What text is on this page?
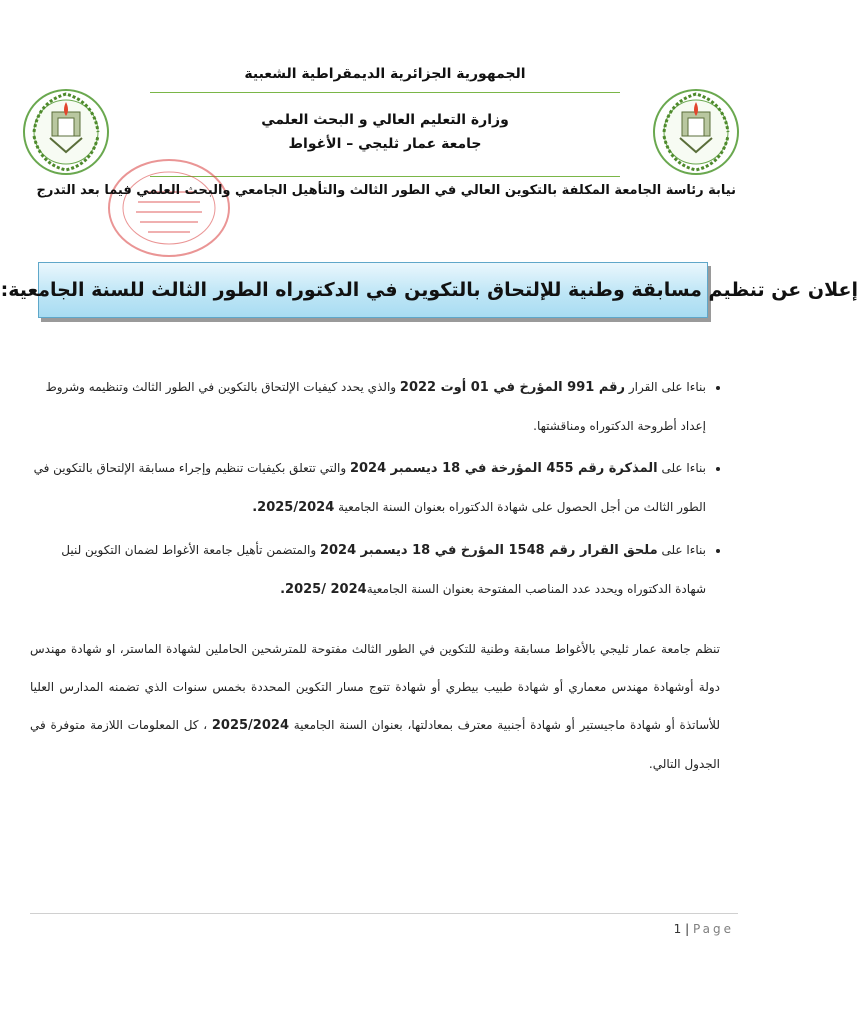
الجمهورية الجزائرية الديمقراطية الشعبية
وزارة التعليم العالي و البحث العلمي
جامعة عمار ثليجي – الأغواط
نيابة رئاسة الجامعة المكلفة بالتكوين العالي في الطور الثالث والتأهيل الجامعي والبحث العلمي فيما بعد التدرج
إعلان عن تنظيم مسابقة وطنية للإلتحاق بالتكوين في الدكتوراه الطور الثالث للسنة الجامعية:
• بناءا على القرار رقم 991 المؤرخ في 01 أوت 2022 والذي يحدد كيفيات الإلتحاق بالتكوين في الطور الثالث وتنظيمه وشروط إعداد أطروحة الدكتوراه ومناقشتها.
• بناءا على المذكرة رقم 455 المؤرخة في 18 ديسمبر 2024 والتي تتعلق بكيفيات تنظيم وإجراء مسابقة الإلتحاق بالتكوين في الطور الثالث من أجل الحصول على شهادة الدكتوراه بعنوان السنة الجامعية 2025/2024.
• بناءا على ملحق القرار رقم 1548 المؤرخ في 18 ديسمبر 2024 والمتضمن تأهيل جامعة الأغواط لضمان التكوين لنيل شهادة الدكتوراه ويحدد عدد المناصب المفتوحة بعنوان السنة الجامعية2024 /2025.
تنظم جامعة عمار ثليجي بالأغواط مسابقة وطنية للتكوين في الطور الثالث مفتوحة للمترشحين الحاملين لشهادة الماستر، او شهادة مهندس دولة أوشهادة مهندس معماري أو شهادة طبيب بيطري أو شهادة تتوج مسار التكوين المحددة بخمس سنوات الذي تضمنه المدارس العليا للأساتذة أو شهادة ماجيستير أو شهادة أجنبية معترف بمعادلتها، بعنوان السنة الجامعية 2025/2024 ، كل المعلومات اللازمة متوفرة في الجدول التالي.
1 | Page
